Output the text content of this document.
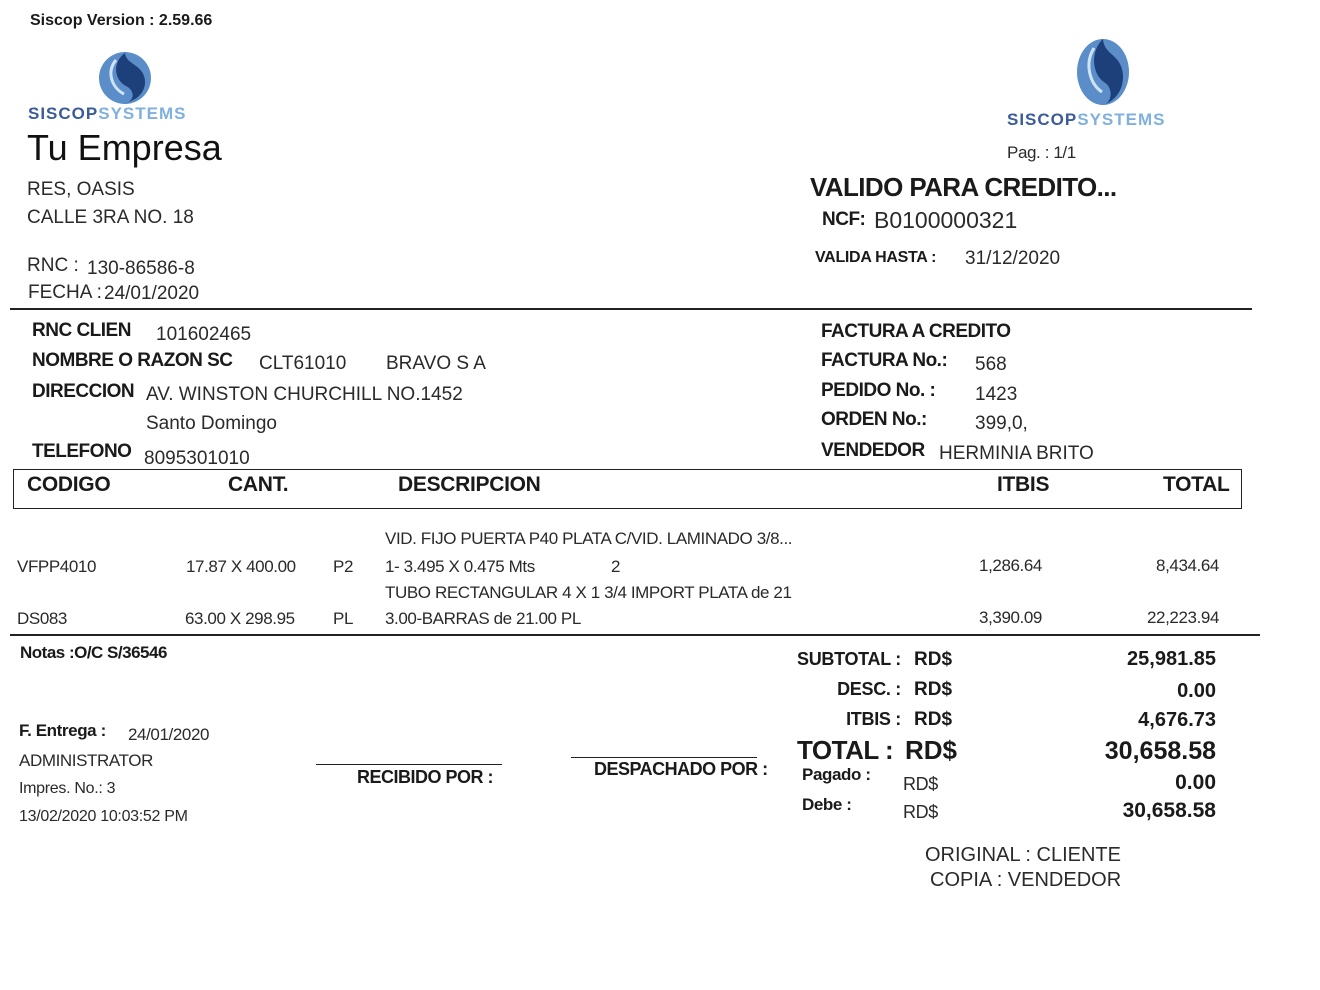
Siscop Version : 2.59.66
SISCOPSYSTEMS
Tu Empresa
RES, OASIS
CALLE 3RA NO. 18
RNC : 130-86586-8
FECHA : 24/01/2020
SISCOPSYSTEMS
Pag. : 1/1
VALIDO PARA CREDITO...
NCF: B0100000321
VALIDA HASTA : 31/12/2020
RNC CLIEN 101602465
NOMBRE O RAZON SC CLT61010 BRAVO S A
DIRECCION AV. WINSTON CHURCHILL NO.1452
Santo Domingo
TELEFONO 8095301010
FACTURA A CREDITO
FACTURA No.: 568
PEDIDO No. : 1423
ORDEN No.:	399,0,
VENDEDOR HERMINIA BRITO
CODIGO	CANT.	DESCRIPCION	ITBIS	TOTAL
VID. FIJO PUERTA P40 PLATA C/VID. LAMINADO 3/8...
VFPP4010	17.87 X 400.00 P2 1- 3.495 X 0.475 Mts	2	1,286.64	8,434.64
TUBO RECTANGULAR 4 X 1 3/4 IMPORT PLATA de 21
DS083	63.00 X 298.95 PL 3.00-BARRAS de 21.00 PL	3,390.09	22,223.94
Notas :O/C S/36546
F. Entrega : 24/01/2020
ADMINISTRATOR
Impres. No.: 3
13/02/2020 10:03:52 PM
RECIBIDO POR :	DESPACHADO POR :
SUBTOTAL : RD$	25,981.85
DESC. : RD$	0.00
ITBIS : RD$	4,676.73
TOTAL : RD$	30,658.58
Pagado : RD$	0.00
Debe :	RD$	30,658.58
ORIGINAL : CLIENTE
COPIA : VENDEDOR
